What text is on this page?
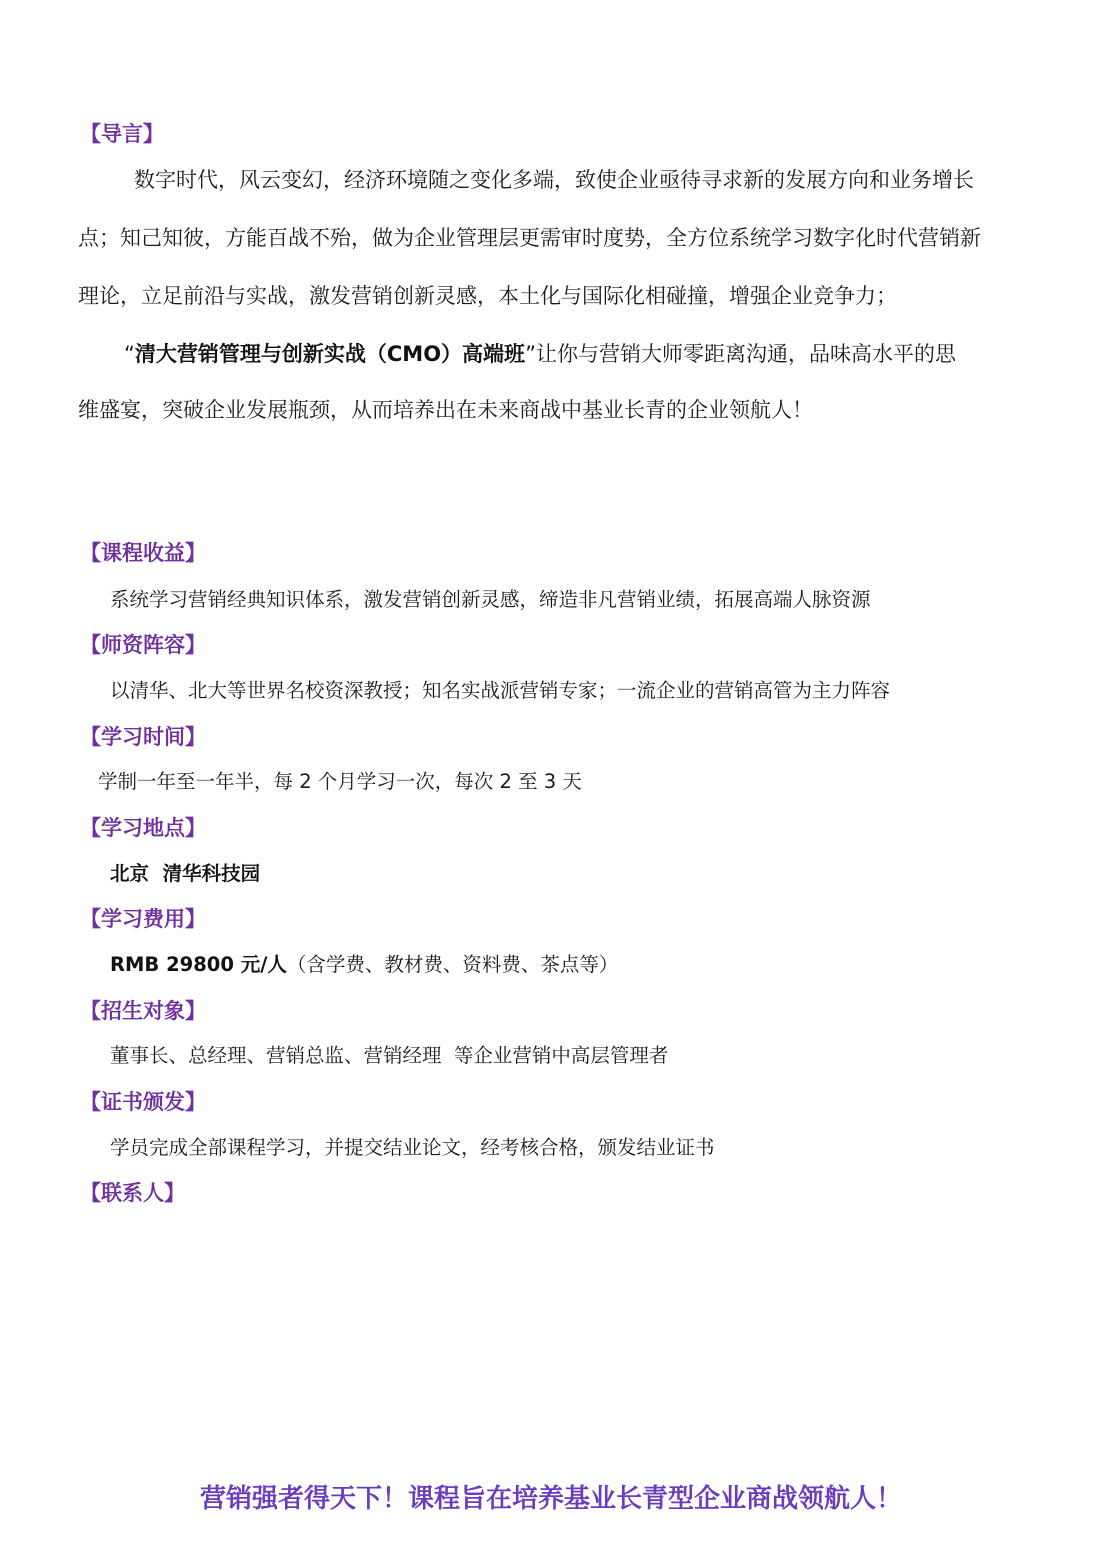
【导言】
数字时代，风云变幻，经济环境随之变化多端，致使企业亟待寻求新的发展方向和业务增长
点；知己知彼，方能百战不殆，做为企业管理层更需审时度势，全方位系统学习数字化时代营销新
理论，立足前沿与实战，激发营销创新灵感，本土化与国际化相碰撞，增强企业竞争力；
“清大营销管理与创新实战（CMO）高端班”让你与营销大师零距离沟通，品味高水平的思
维盛宴，突破企业发展瓶颈，从而培养出在未来商战中基业长青的企业领航人！
【课程收益】
系统学习营销经典知识体系，激发营销创新灵感，缔造非凡营销业绩，拓展高端人脉资源
【师资阵容】
以清华、北大等世界名校资深教授；知名实战派营销专家；一流企业的营销高管为主力阵容
【学习时间】
学制一年至一年半，每 2 个月学习一次，每次 2 至 3 天
【学习地点】
北京  清华科技园
【学习费用】
RMB 29800 元/人（含学费、教材费、资料费、茶点等）
【招生对象】
董事长、总经理、营销总监、营销经理  等企业营销中高层管理者
【证书颁发】
学员完成全部课程学习，并提交结业论文，经考核合格，颁发结业证书
【联系人】
营销强者得天下！课程旨在培养基业长青型企业商战领航人！
